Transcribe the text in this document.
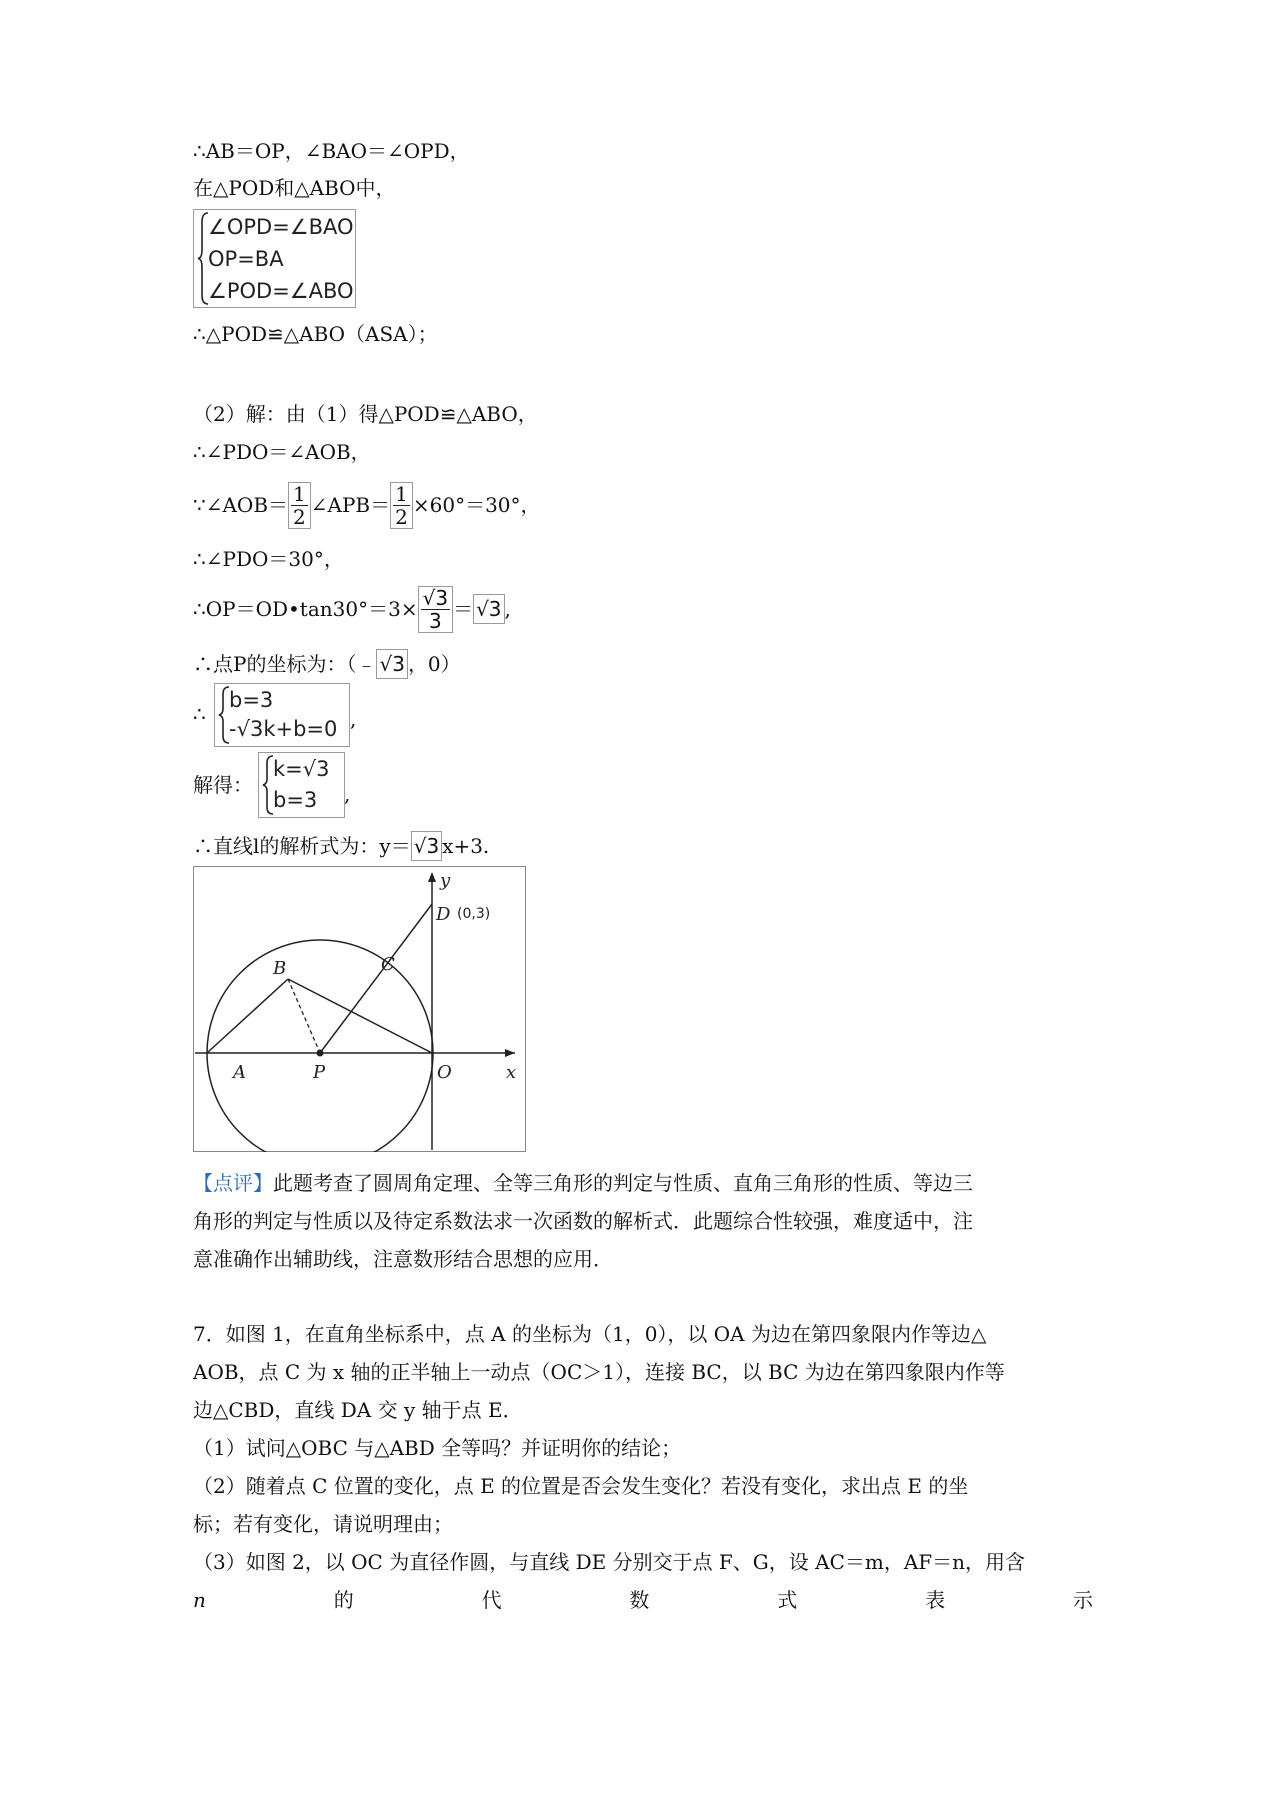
∴AB＝OP，∠BAO＝∠OPD，
在△POD和△ABO中，
∠OPD=∠BAO
OP=BA
∠POD=∠ABO
∴△POD≌△ABO（ASA）；
（2）解：由（1）得△POD≌△ABO，
∴∠PDO＝∠AOB，
∵∠AOB＝ $\frac{1}{2}$ ∠APB＝ $\frac{1}{2} \times 60^\circ=30^\circ$，
∴∠PDO＝30°，
∴OP＝OD•tan30°＝3× $\frac{√3}{3} = √3$ ,
∴点P的坐标为：（﹣ √3 ，0）
∴
b=3
-√3k+b=0 ,
解得：
k=√3
b=3 ,
∴直线l的解析式为：y＝ √3 x+3.
y
x
D (0,3)
C
B
A	P	O
【点评】此题考查了圆周角定理、全等三角形的判定与性质、直角三角形的性质、等边三
角形的判定与性质以及待定系数法求一次函数的解析式．此题综合性较强，难度适中，注
意准确作出辅助线，注意数形结合思想的应用．
7．如图 1，在直角坐标系中，点 A 的坐标为（1，0），以 OA 为边在第四象限内作等边△
AOB，点 C 为 x 轴的正半轴上一动点（OC＞1），连接 BC，以 BC 为边在第四象限内作等
边△CBD，直线 DA 交 y 轴于点 E．
（1）试问△OBC 与△ABD 全等吗？并证明你的结论；
（2）随着点 C 位置的变化，点 E 的位置是否会发生变化？若没有变化，求出点 E 的坐
标；若有变化，请说明理由；
（3）如图 2，以 OC 为直径作圆，与直线 DE 分别交于点 F、G，设 AC＝m，AF＝n，用含
n	的	代	数	式	表	示
